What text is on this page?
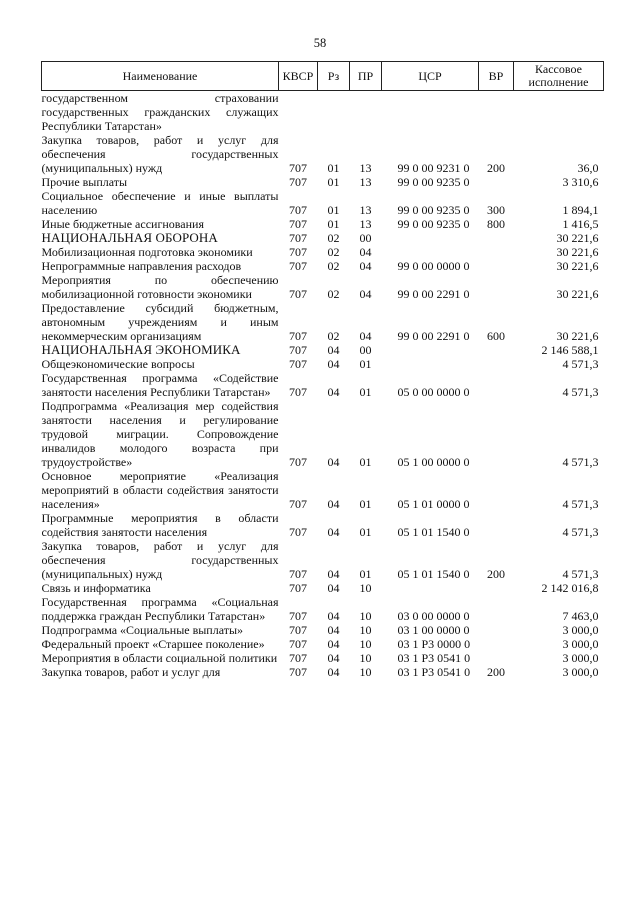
58
Наименование	КВСР	Рз	ПР	ЦСР	ВР	Кассовое исполнение
государственном страховании государственных гражданских служащих Республики Татарстан»						
Закупка товаров, работ и услуг для обеспечения государственных (муниципальных) нужд	707	01	13	99 0 00 9231 0	200	36,0
Прочие выплаты	707	01	13	99 0 00 9235 0		3 310,6
Социальное обеспечение и иные выплаты населению	707	01	13	99 0 00 9235 0	300	1 894,1
Иные бюджетные ассигнования	707	01	13	99 0 00 9235 0	800	1 416,5
НАЦИОНАЛЬНАЯ ОБОРОНА	707	02	00			30 221,6
Мобилизационная подготовка экономики	707	02	04			30 221,6
Непрограммные направления расходов	707	02	04	99 0 00 0000 0		30 221,6
Мероприятия по обеспечению мобилизационной готовности экономики	707	02	04	99 0 00 2291 0		30 221,6
Предоставление субсидий бюджетным, автономным учреждениям и иным некоммерческим организациям	707	02	04	99 0 00 2291 0	600	30 221,6
НАЦИОНАЛЬНАЯ ЭКОНОМИКА	707	04	00			2 146 588,1
Общеэкономические вопросы	707	04	01			4 571,3
Государственная программа «Содействие занятости населения Республики Татарстан»	707	04	01	05 0 00 0000 0		4 571,3
Подпрограмма «Реализация мер содействия занятости населения и регулирование трудовой миграции. Сопровождение инвалидов молодого возраста при трудоустройстве»	707	04	01	05 1 00 0000 0		4 571,3
Основное мероприятие «Реализация мероприятий в области содействия занятости населения»	707	04	01	05 1 01 0000 0		4 571,3
Программные мероприятия в области содействия занятости населения	707	04	01	05 1 01 1540 0		4 571,3
Закупка товаров, работ и услуг для обеспечения государственных (муниципальных) нужд	707	04	01	05 1 01 1540 0	200	4 571,3
Связь и информатика	707	04	10			2 142 016,8
Государственная программа «Социальная поддержка граждан Республики Татарстан»	707	04	10	03 0 00 0000 0		7 463,0
Подпрограмма «Социальные выплаты»	707	04	10	03 1 00 0000 0		3 000,0
Федеральный проект «Старшее поколение»	707	04	10	03 1 P3 0000 0		3 000,0
Мероприятия в области социальной политики	707	04	10	03 1 P3 0541 0		3 000,0
Закупка товаров, работ и услуг для	707	04	10	03 1 P3 0541 0	200	3 000,0
